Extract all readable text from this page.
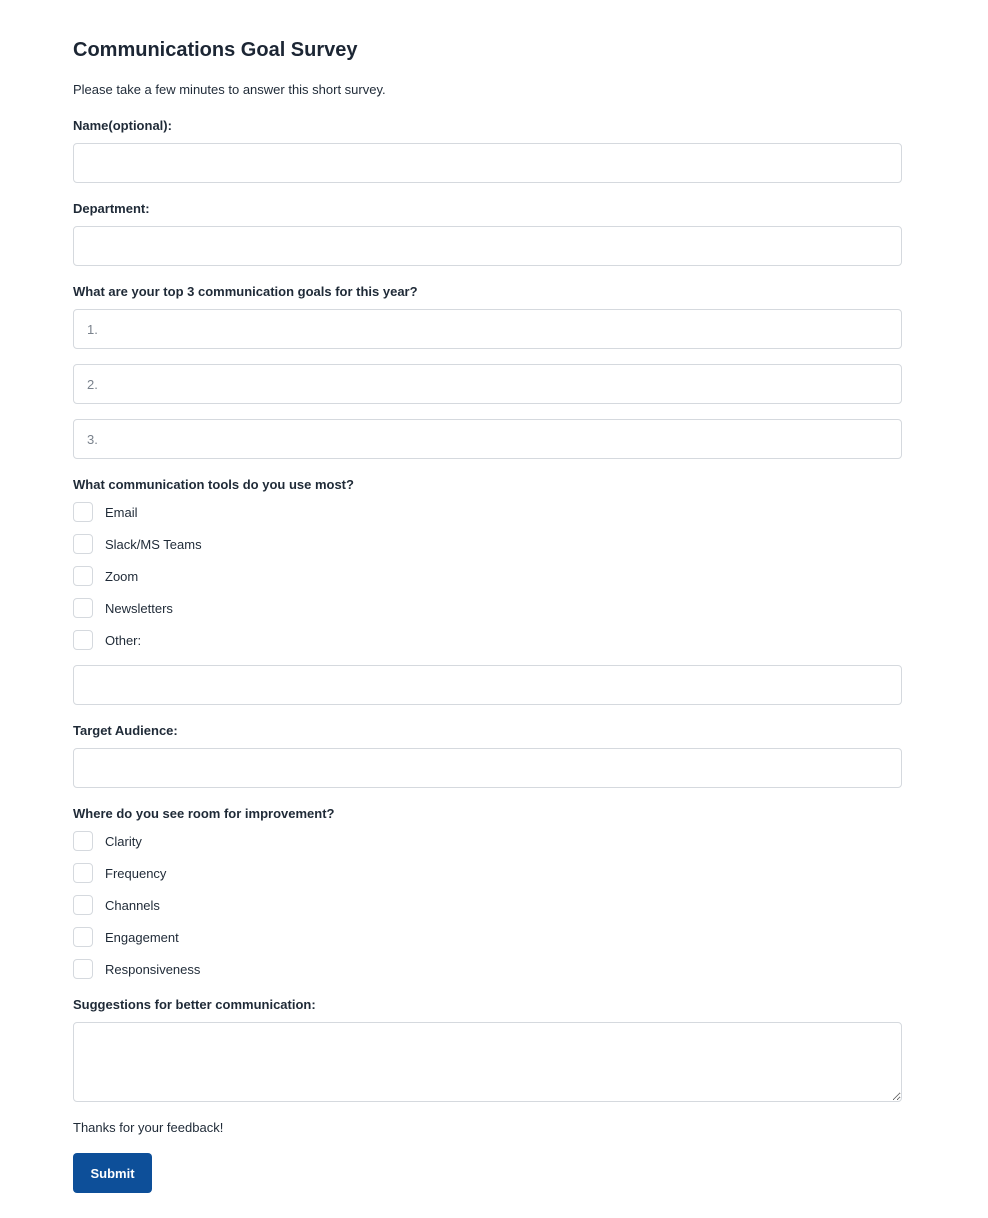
Communications Goal Survey
Please take a few minutes to answer this short survey.
Name(optional):
Department:
What are your top 3 communication goals for this year?
1.
2.
3.
What communication tools do you use most?
Email
Slack/MS Teams
Zoom
Newsletters
Other:
Target Audience:
Where do you see room for improvement?
Clarity
Frequency
Channels
Engagement
Responsiveness
Suggestions for better communication:
Thanks for your feedback!
Submit
